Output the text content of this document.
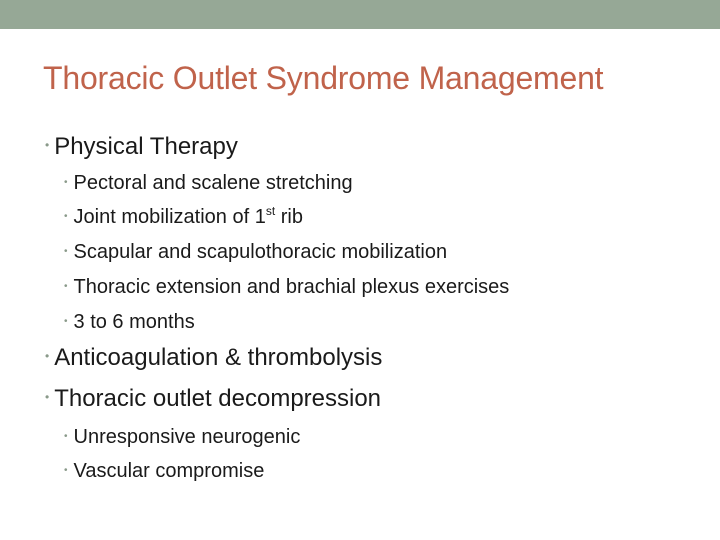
Thoracic Outlet Syndrome Management
• Physical Therapy
• Pectoral and scalene stretching
• Joint mobilization of 1st rib
• Scapular and scapulothoracic mobilization
• Thoracic extension and brachial plexus exercises
• 3 to 6 months
• Anticoagulation & thrombolysis
• Thoracic outlet decompression
• Unresponsive neurogenic
• Vascular compromise
